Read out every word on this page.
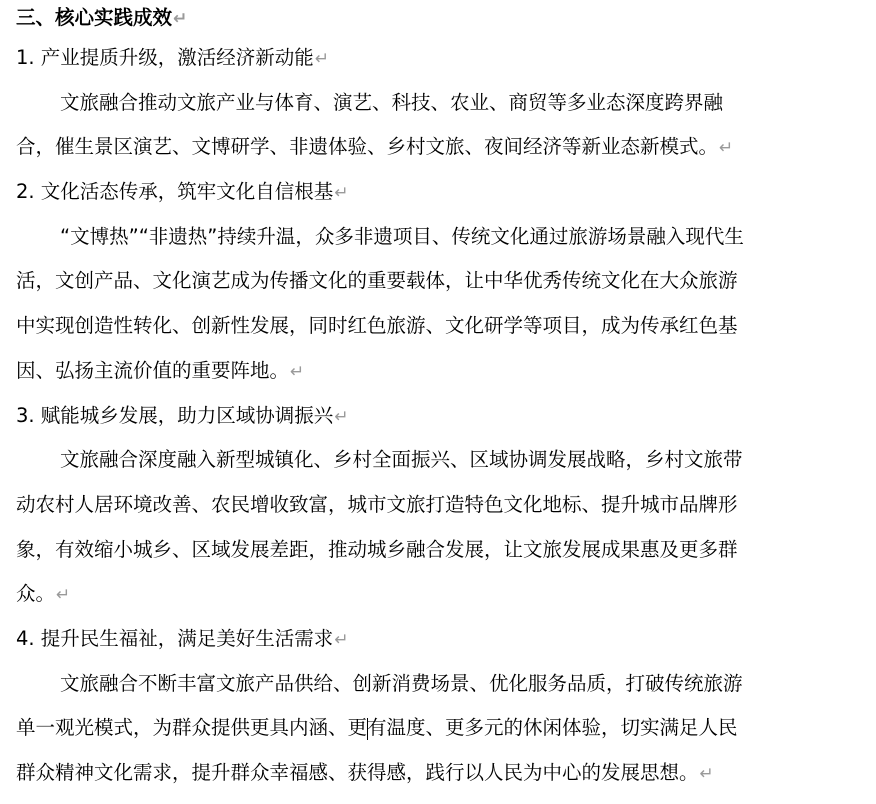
三、核心实践成效↵
1. 产业提质升级，激活经济新动能↵
文旅融合推动文旅产业与体育、演艺、科技、农业、商贸等多业态深度跨界融
合，催生景区演艺、文博研学、非遗体验、乡村文旅、夜间经济等新业态新模式。↵
2. 文化活态传承，筑牢文化自信根基↵
“文博热”“非遗热”持续升温，众多非遗项目、传统文化通过旅游场景融入现代生
活，文创产品、文化演艺成为传播文化的重要载体，让中华优秀传统文化在大众旅游
中实现创造性转化、创新性发展，同时红色旅游、文化研学等项目，成为传承红色基
因、弘扬主流价值的重要阵地。↵
3. 赋能城乡发展，助力区域协调振兴↵
文旅融合深度融入新型城镇化、乡村全面振兴、区域协调发展战略，乡村文旅带
动农村人居环境改善、农民增收致富，城市文旅打造特色文化地标、提升城市品牌形
象，有效缩小城乡、区域发展差距，推动城乡融合发展，让文旅发展成果惠及更多群
众。↵
4. 提升民生福祉，满足美好生活需求↵
文旅融合不断丰富文旅产品供给、创新消费场景、优化服务品质，打破传统旅游
单一观光模式，为群众提供更具内涵、更有温度、更多元的休闲体验，切实满足人民
群众精神文化需求，提升群众幸福感、获得感，践行以人民为中心的发展思想。↵
